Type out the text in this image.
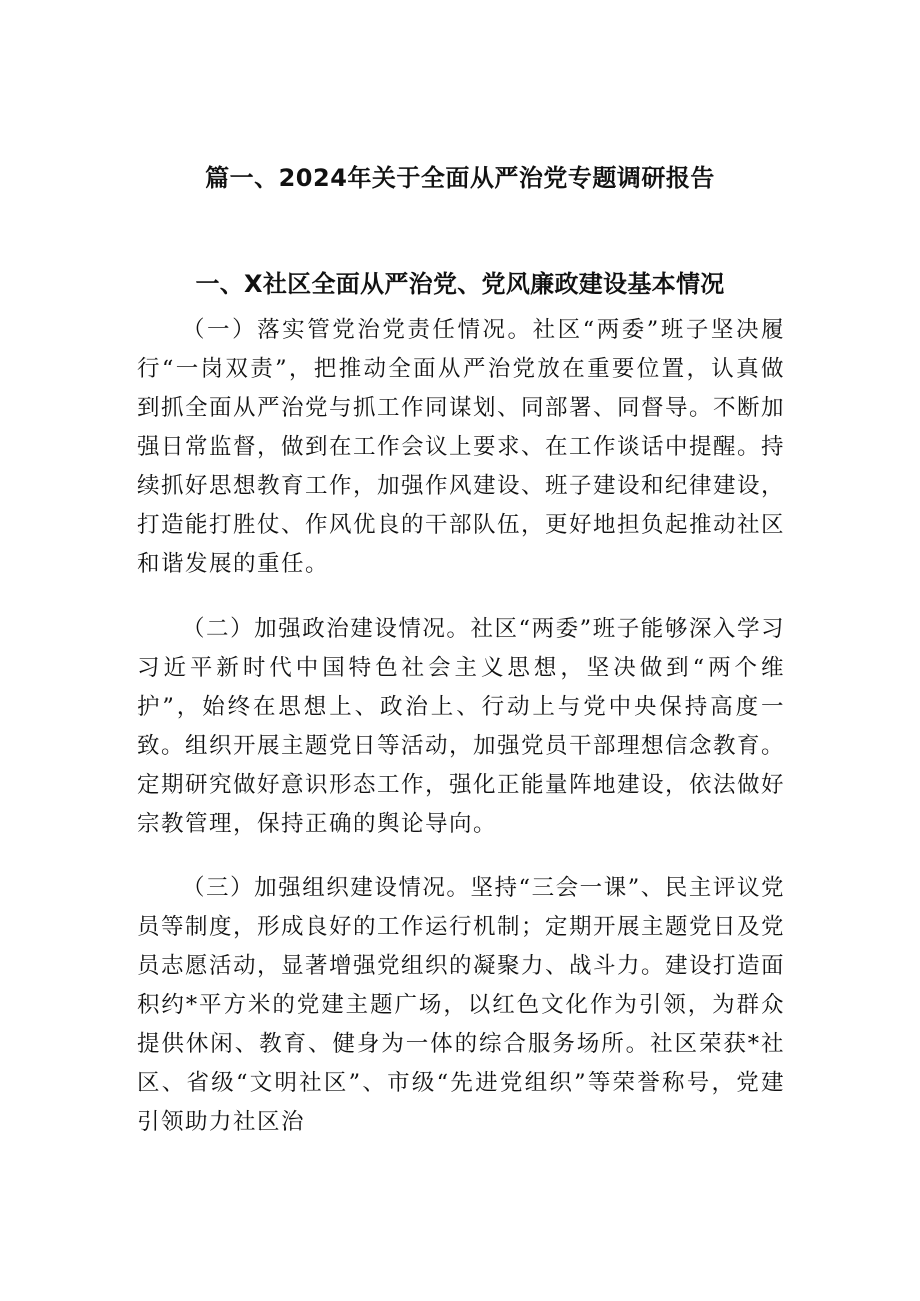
篇一、2024年关于全面从严治党专题调研报告
一、X社区全面从严治党、党风廉政建设基本情况

（一）落实管党治党责任情况。社区“两委”班子坚决履行“一岗双责”，把推动全面从严治党放在重要位置，认真做到抓全面从严治党与抓工作同谋划、同部署、同督导。不断加强日常监督，做到在工作会议上要求、在工作谈话中提醒。持续抓好思想教育工作，加强作风建设、班子建设和纪律建设，打造能打胜仗、作风优良的干部队伍，更好地担负起推动社区和谐发展的重任。

（二）加强政治建设情况。社区“两委”班子能够深入学习习近平新时代中国特色社会主义思想，坚决做到“两个维护”，始终在思想上、政治上、行动上与党中央保持高度一致。组织开展主题党日等活动，加强党员干部理想信念教育。定期研究做好意识形态工作，强化正能量阵地建设，依法做好宗教管理，保持正确的舆论导向。

（三）加强组织建设情况。坚持“三会一课”、民主评议党员等制度，形成良好的工作运行机制；定期开展主题党日及党员志愿活动，显著增强党组织的凝聚力、战斗力。建设打造面积约*平方米的党建主题广场，以红色文化作为引领，为群众提供休闲、教育、健身为一体的综合服务场所。社区荣获*社区、省级“文明社区”、市级“先进党组织”等荣誉称号，党建引领助力社区治
